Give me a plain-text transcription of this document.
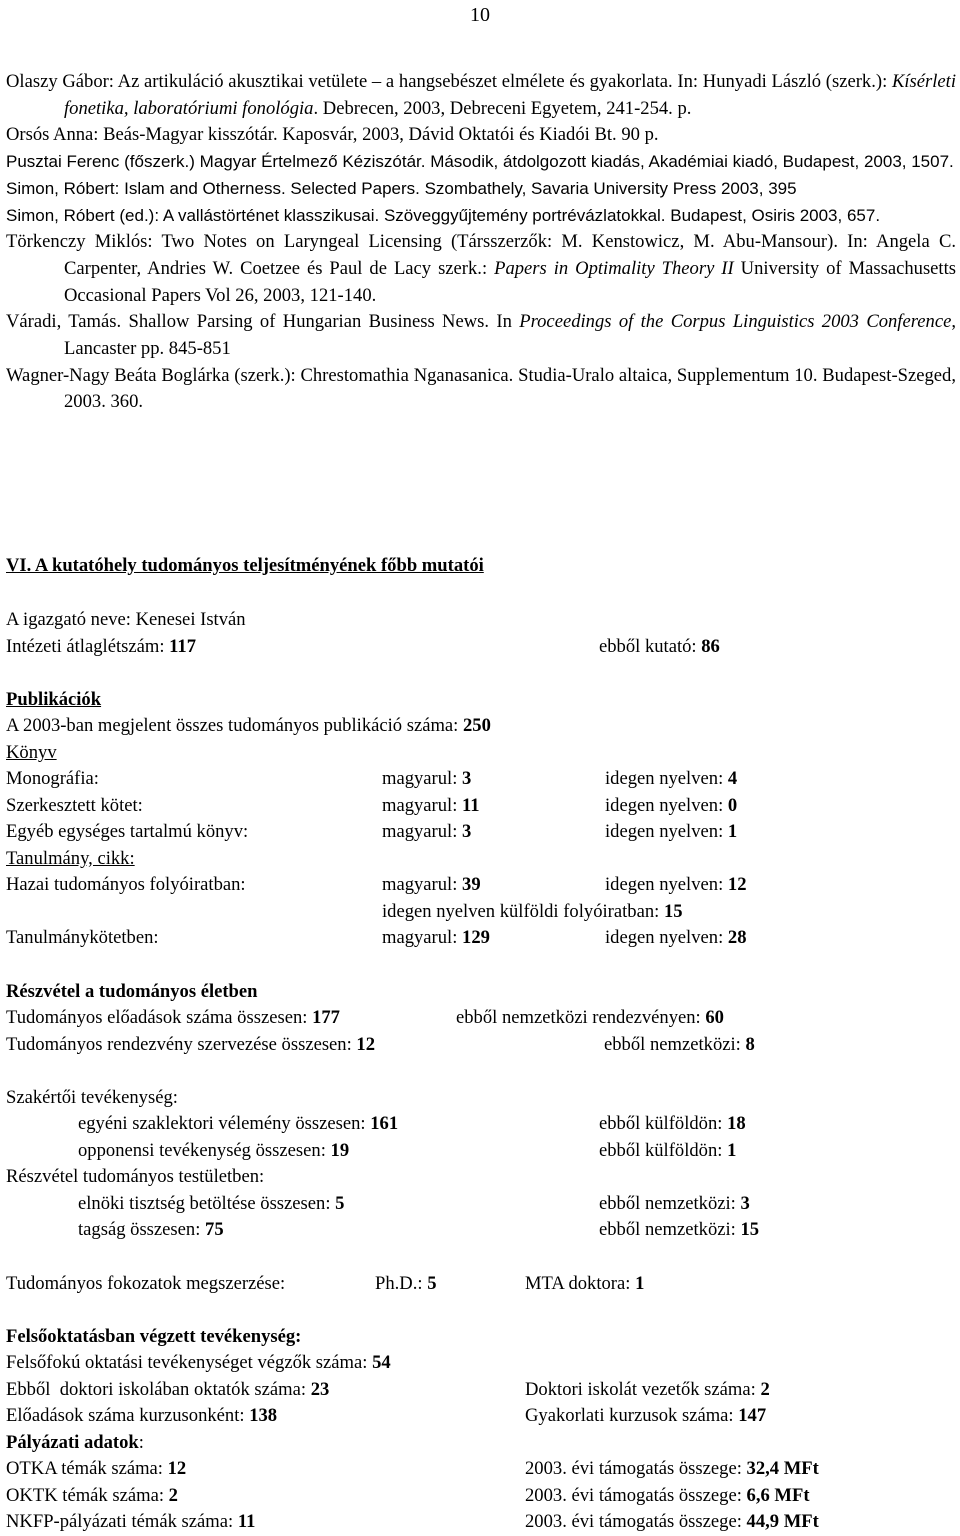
10
Olaszy Gábor: Az artikuláció akusztikai vetülete – a hangsebészet elmélete és gyakorlata. In: Hunyadi László (szerk.): Kísérleti fonetika, laboratóriumi fonológia. Debrecen, 2003, Debreceni Egyetem, 241-254. p.
Orsós Anna: Beás-Magyar kisszótár. Kaposvár, 2003, Dávid Oktatói és Kiadói Bt. 90 p.
Pusztai Ferenc (főszerk.) Magyar Értelmező Kéziszótár. Második, átdolgozott kiadás, Akadémiai kiadó, Budapest, 2003, 1507.
Simon, Róbert: Islam and Otherness. Selected Papers. Szombathely, Savaria University Press 2003, 395
Simon, Róbert (ed.): A vallástörténet klasszikusai. Szöveggyűjtemény portrévázlatokkal. Budapest, Osiris 2003, 657.
Törkenczy Miklós: Two Notes on Laryngeal Licensing (Társszerzők: M. Kenstowicz, M. Abu-Mansour). In: Angela C. Carpenter, Andries W. Coetzee és Paul de Lacy szerk.: Papers in Optimality Theory II University of Massachusetts Occasional Papers Vol 26, 2003, 121-140.
Váradi, Tamás. Shallow Parsing of Hungarian Business News. In Proceedings of the Corpus Linguistics 2003 Conference, Lancaster pp. 845-851
Wagner-Nagy Beáta Boglárka (szerk.): Chrestomathia Nganasanica. Studia-Uralo altaica, Supplementum 10. Budapest-Szeged, 2003. 360.
VI. A kutatóhely tudományos teljesítményének főbb mutatói
A igazgató neve: Kenesei István
Intézeti átlaglétszám: 117	ebből kutató: 86
Publikációk
A 2003-ban megjelent összes tudományos publikáció száma: 250
Könyv
Monográfia:	magyarul: 3	idegen nyelven: 4
Szerkesztett kötet:	magyarul: 11	idegen nyelven: 0
Egyéb egységes tartalmú könyv:	magyarul: 3	idegen nyelven: 1
Tanulmány, cikk:
Hazai tudományos folyóiratban:	magyarul: 39	idegen nyelven: 12
idegen nyelven külföldi folyóiratban: 15
Tanulmánykötetben:	magyarul: 129	idegen nyelven: 28
Részvétel a tudományos életben
Tudományos előadások száma összesen: 177	ebből nemzetközi rendezvényen: 60
Tudományos rendezvény szervezése összesen: 12	ebből nemzetközi: 8
Szakértői tevékenység:
egyéni szaklektori vélemény összesen: 161	ebből külföldön: 18
opponensi tevékenység összesen: 19	ebből külföldön: 1
Részvétel tudományos testületben:
elnöki tisztség betöltése összesen: 5	ebből nemzetközi: 3
tagság összesen: 75	ebből nemzetközi: 15
Tudományos fokozatok megszerzése:	Ph.D.: 5	MTA doktora: 1
Felsőoktatásban végzett tevékenység:
Felsőfokú oktatási tevékenységet végzők száma: 54
Ebből  doktori iskolában oktatók száma: 23	Doktori iskolát vezetők száma: 2
Előadások száma kurzusonként: 138	Gyakorlati kurzusok száma: 147
Pályázati adatok:
OTKA témák száma: 12	2003. évi támogatás összege: 32,4 MFt
OKTK témák száma: 2	2003. évi támogatás összege: 6,6 MFt
NKFP-pályázati témák száma: 11	2003. évi támogatás összege: 44,9 MFt
